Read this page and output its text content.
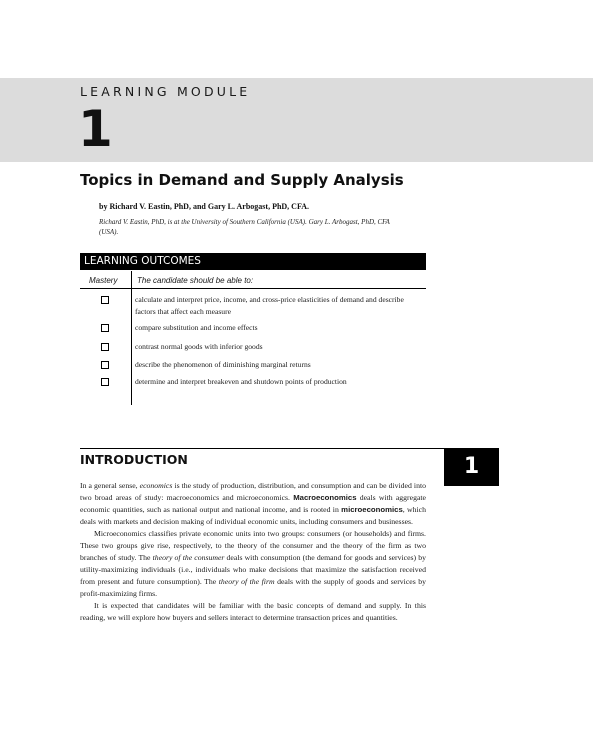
LEARNING MODULE
1
Topics in Demand and Supply Analysis
by Richard V. Eastin, PhD, and Gary L. Arbogast, PhD, CFA.
Richard V. Eastin, PhD, is at the University of Southern California (USA). Gary L. Arbogast, PhD, CFA (USA).
LEARNING OUTCOMES
Mastery The candidate should be able to:
calculate and interpret price, income, and cross-price elasticities of demand and describe factors that affect each measure
compare substitution and income effects
contrast normal goods with inferior goods
describe the phenomenon of diminishing marginal returns
determine and interpret breakeven and shutdown points of production
INTRODUCTION	1

In a general sense, economics is the study of production, distribution, and consumption and can be divided into two broad areas of study: macroeconomics and microeconomics. Macroeconomics deals with aggregate economic quantities, such as national output and national income, and is rooted in microeconomics, which deals with markets and decision making of individual economic units, including consumers and businesses.

Microeconomics classifies private economic units into two groups: consumers (or households) and firms. These two groups give rise, respectively, to the theory of the consumer and the theory of the firm as two branches of study. The theory of the consumer deals with consumption (the demand for goods and services) by utility-maximizing individuals (i.e., individuals who make decisions that maximize the satisfaction received from present and future consumption). The theory of the firm deals with the supply of goods and services by profit-maximizing firms.

It is expected that candidates will be familiar with the basic concepts of demand and supply. In this reading, we will explore how buyers and sellers interact to determine transaction prices and quantities.
